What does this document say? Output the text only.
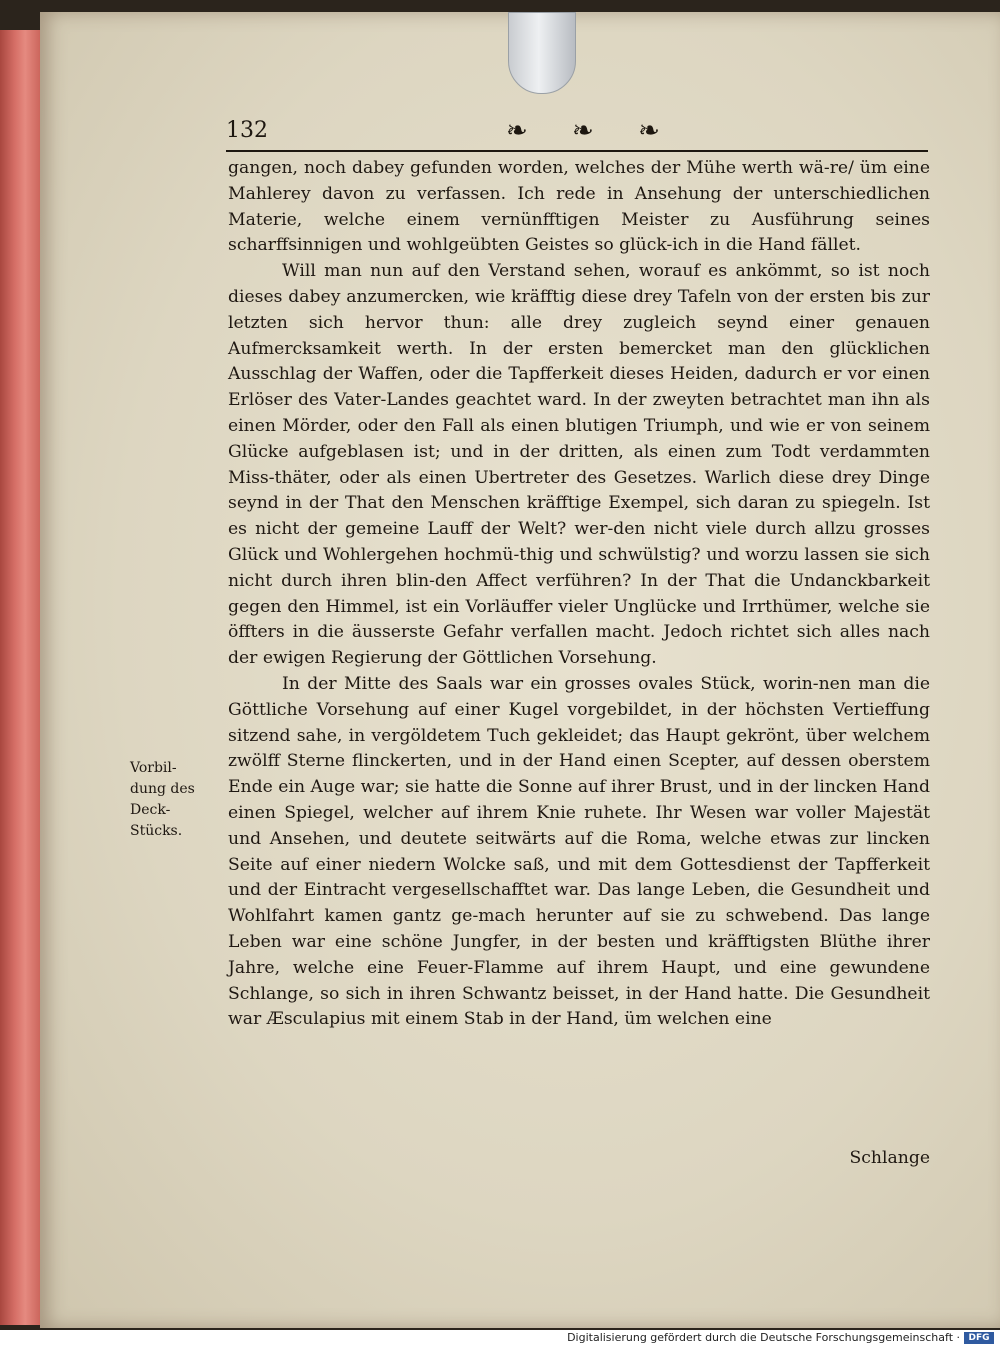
132	❧ ❧ ❧
Vorbil-
dung des
Deck-
Stücks.

gangen, noch dabey gefunden worden, welches der Mühe werth wä-re/ üm eine Mahlerey davon zu verfassen. Ich rede in Ansehung der unterschiedlichen Materie, welche einem vernünfftigen Meister zu Ausführung seines scharffsinnigen und wohlgeübten Geistes so glück-ich in die Hand fället.

Will man nun auf den Verstand sehen, worauf es ankömmt, so ist noch dieses dabey anzumercken, wie kräfftig diese drey Tafeln von der ersten bis zur letzten sich hervor thun: alle drey zugleich seynd einer genauen Aufmercksamkeit werth. In der ersten bemercket man den glücklichen Ausschlag der Waffen, oder die Tapfferkeit dieses Heiden, dadurch er vor einen Erlöser des Vater-Landes geachtet ward. In der zweyten betrachtet man ihn als einen Mörder, oder den Fall als einen blutigen Triumph, und wie er von seinem Glücke aufgeblasen ist; und in der dritten, als einen zum Todt verdammten Miss-thäter, oder als einen Ubertreter des Gesetzes. Warlich diese drey Dinge seynd in der That den Menschen kräfftige Exempel, sich daran zu spiegeln. Ist es nicht der gemeine Lauff der Welt? wer-den nicht viele durch allzu grosses Glück und Wohlergehen hochmü-thig und schwülstig? und worzu lassen sie sich nicht durch ihren blin-den Affect verführen? In der That die Undanckbarkeit gegen den Himmel, ist ein Vorläuffer vieler Unglücke und Irrthümer, welche sie öffters in die äusserste Gefahr verfallen macht. Jedoch richtet sich alles nach der ewigen Regierung der Göttlichen Vorsehung.

In der Mitte des Saals war ein grosses ovales Stück, worin-nen man die Göttliche Vorsehung auf einer Kugel vorgebildet, in der höchsten Vertieffung sitzend sahe, in vergöldetem Tuch gekleidet; das Haupt gekrönt, über welchem zwölff Sterne flinckerten, und in der Hand einen Scepter, auf dessen oberstem Ende ein Auge war; sie hatte die Sonne auf ihrer Brust, und in der lincken Hand einen Spiegel, welcher auf ihrem Knie ruhete. Ihr Wesen war voller Majestät und Ansehen, und deutete seitwärts auf die Roma, welche etwas zur lincken Seite auf einer niedern Wolcke saß, und mit dem Gottesdienst der Tapfferkeit und der Eintracht vergesellschafftet war. Das lange Leben, die Gesundheit und Wohlfahrt kamen gantz ge-mach herunter auf sie zu schwebend. Das lange Leben war eine schöne Jungfer, in der besten und kräfftigsten Blüthe ihrer Jahre, welche eine Feuer-Flamme auf ihrem Haupt, und eine gewundene Schlange, so sich in ihren Schwantz beisset, in der Hand hatte. Die Gesundheit war Æsculapius mit einem Stab in der Hand, üm welchen eine

Schlange
Digitalisierung gefördert durch die Deutsche Forschungsgemeinschaft · DFG
